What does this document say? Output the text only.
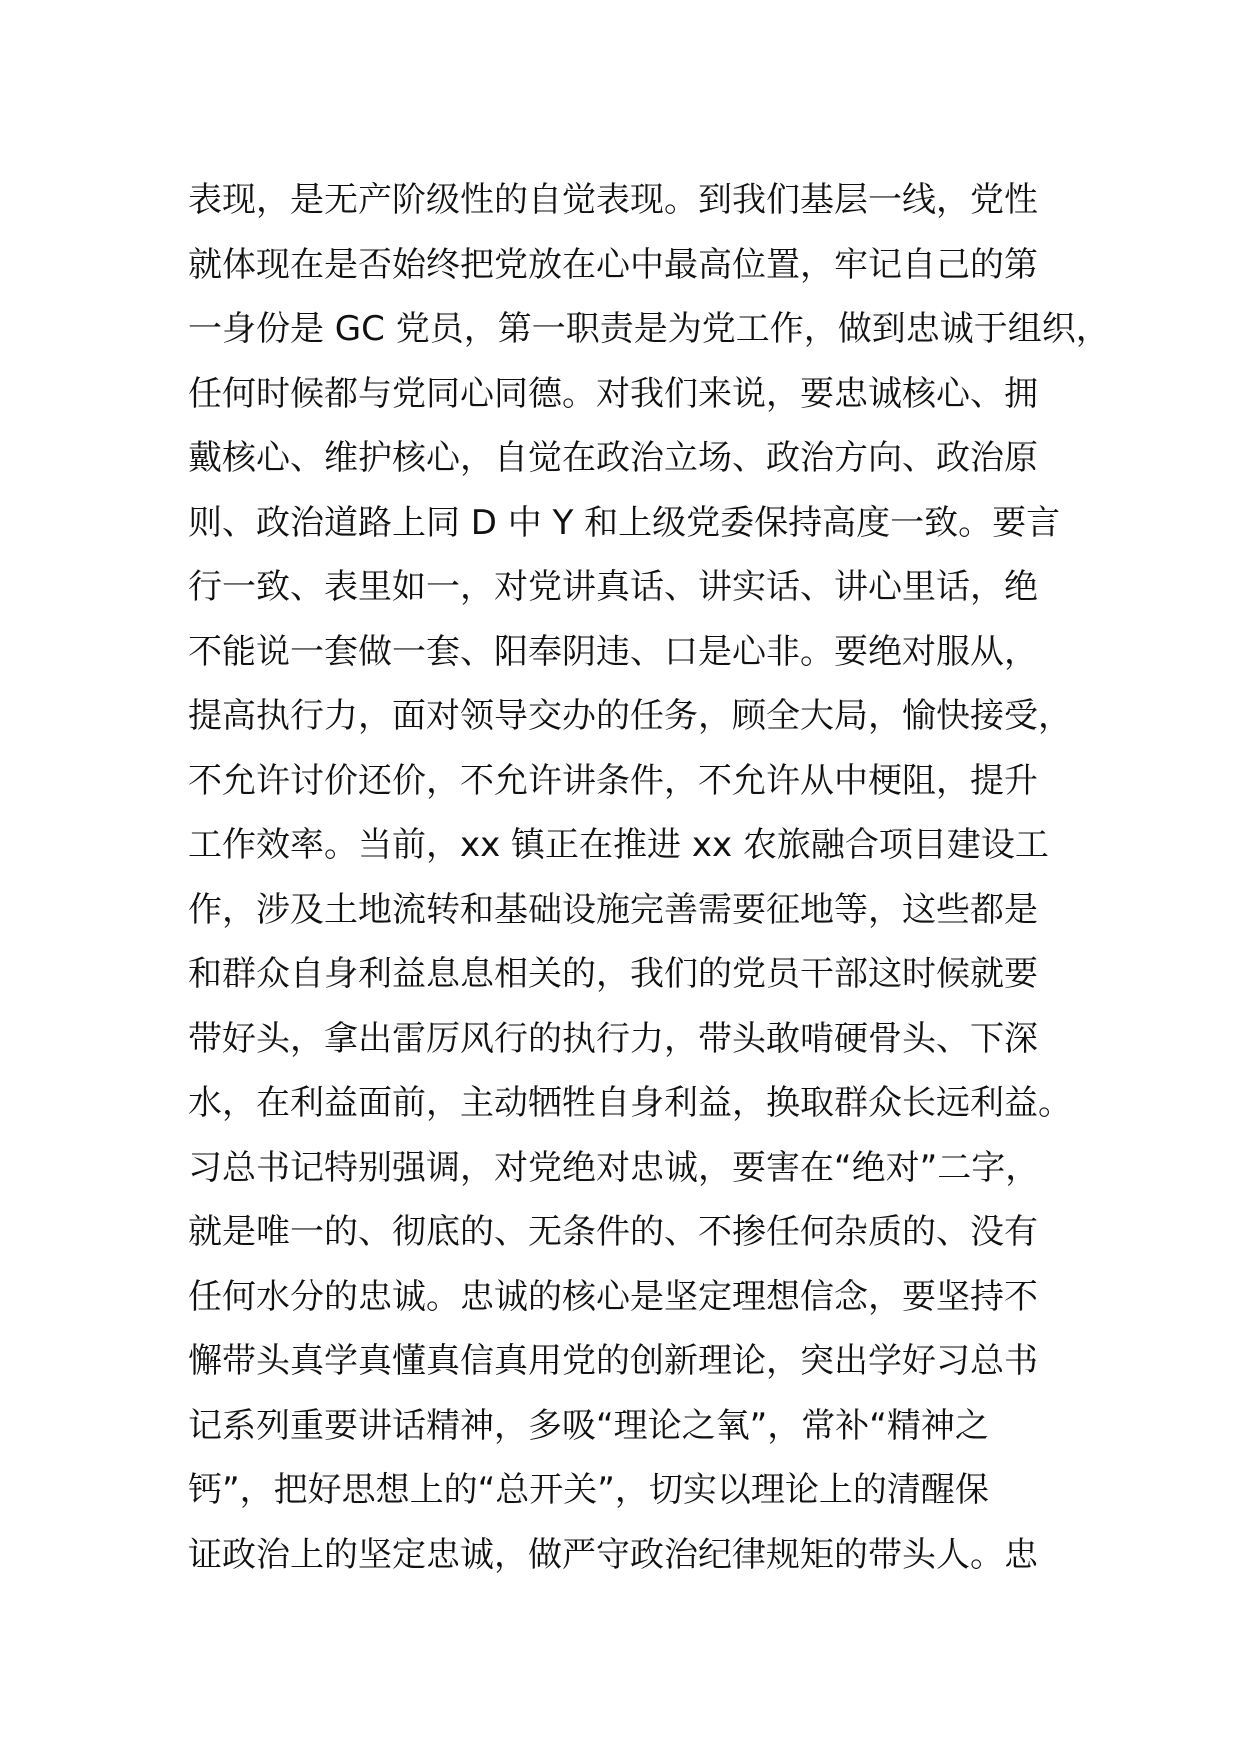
表现，是无产阶级性的自觉表现。到我们基层一线，党性
就体现在是否始终把党放在心中最高位置，牢记自己的第
一身份是 GC 党员，第一职责是为党工作，做到忠诚于组织，
任何时候都与党同心同德。对我们来说，要忠诚核心、拥
戴核心、维护核心，自觉在政治立场、政治方向、政治原
则、政治道路上同 D 中 Y 和上级党委保持高度一致。要言
行一致、表里如一，对党讲真话、讲实话、讲心里话，绝
不能说一套做一套、阳奉阴违、口是心非。要绝对服从，
提高执行力，面对领导交办的任务，顾全大局，愉快接受，
不允许讨价还价，不允许讲条件，不允许从中梗阻，提升
工作效率。当前，xx 镇正在推进 xx 农旅融合项目建设工
作，涉及土地流转和基础设施完善需要征地等，这些都是
和群众自身利益息息相关的，我们的党员干部这时候就要
带好头，拿出雷厉风行的执行力，带头敢啃硬骨头、下深
水，在利益面前，主动牺牲自身利益，换取群众长远利益。
习总书记特别强调，对党绝对忠诚，要害在“绝对”二字，
就是唯一的、彻底的、无条件的、不掺任何杂质的、没有
任何水分的忠诚。忠诚的核心是坚定理想信念，要坚持不
懈带头真学真懂真信真用党的创新理论，突出学好习总书
记系列重要讲话精神，多吸“理论之氧”，常补“精神之
钙”，把好思想上的“总开关”，切实以理论上的清醒保
证政治上的坚定忠诚，做严守政治纪律规矩的带头人。忠
